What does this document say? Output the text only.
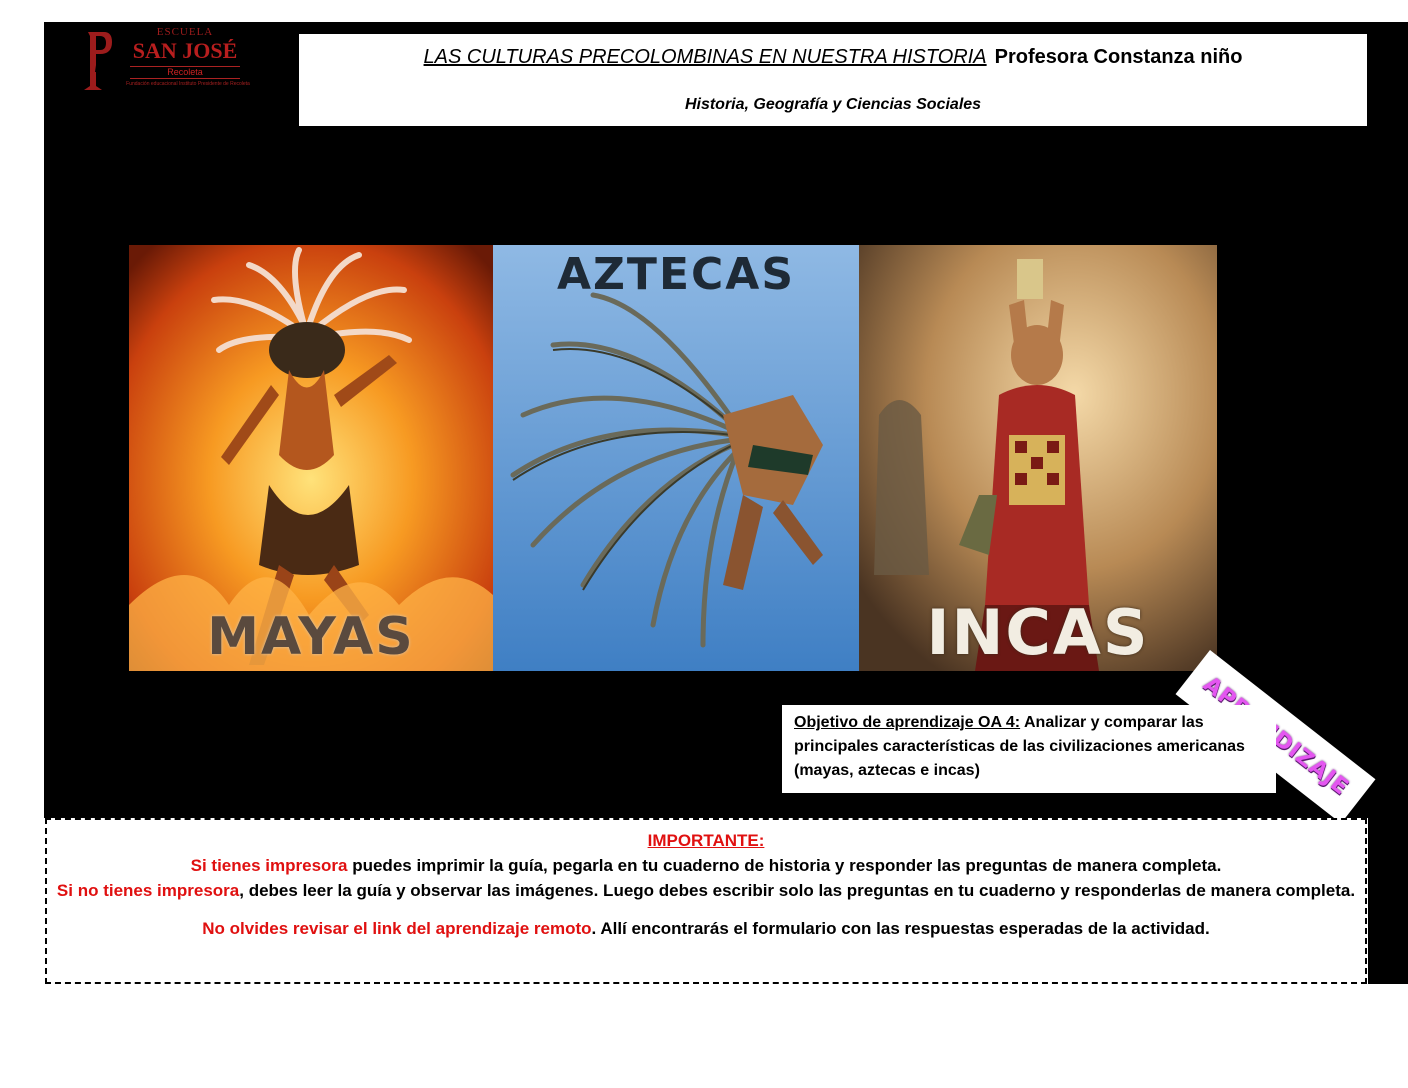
ESCUELA
SAN JOSÉ
Recoleta
Fundación educacional Instituto Presidente de Recoleta
LAS CULTURAS PRECOLOMBINAS EN NUESTRA HISTORIA Profesora Constanza niño
Historia, Geografía y Ciencias Sociales
MAYAS
AZTECAS
INCAS
Objetivo de aprendizaje OA 4: Analizar y comparar las principales características de las civilizaciones americanas (mayas, aztecas e incas)

IMPORTANTE:

Si tienes impresora puedes imprimir la guía, pegarla en tu cuaderno de historia y responder las preguntas de manera completa.

Si no tienes impresora, debes leer la guía y observar las imágenes. Luego debes escribir solo las preguntas en tu cuaderno y responderlas de manera completa.

No olvides revisar el link del aprendizaje remoto. Allí encontrarás el formulario con las respuestas esperadas de la actividad.
